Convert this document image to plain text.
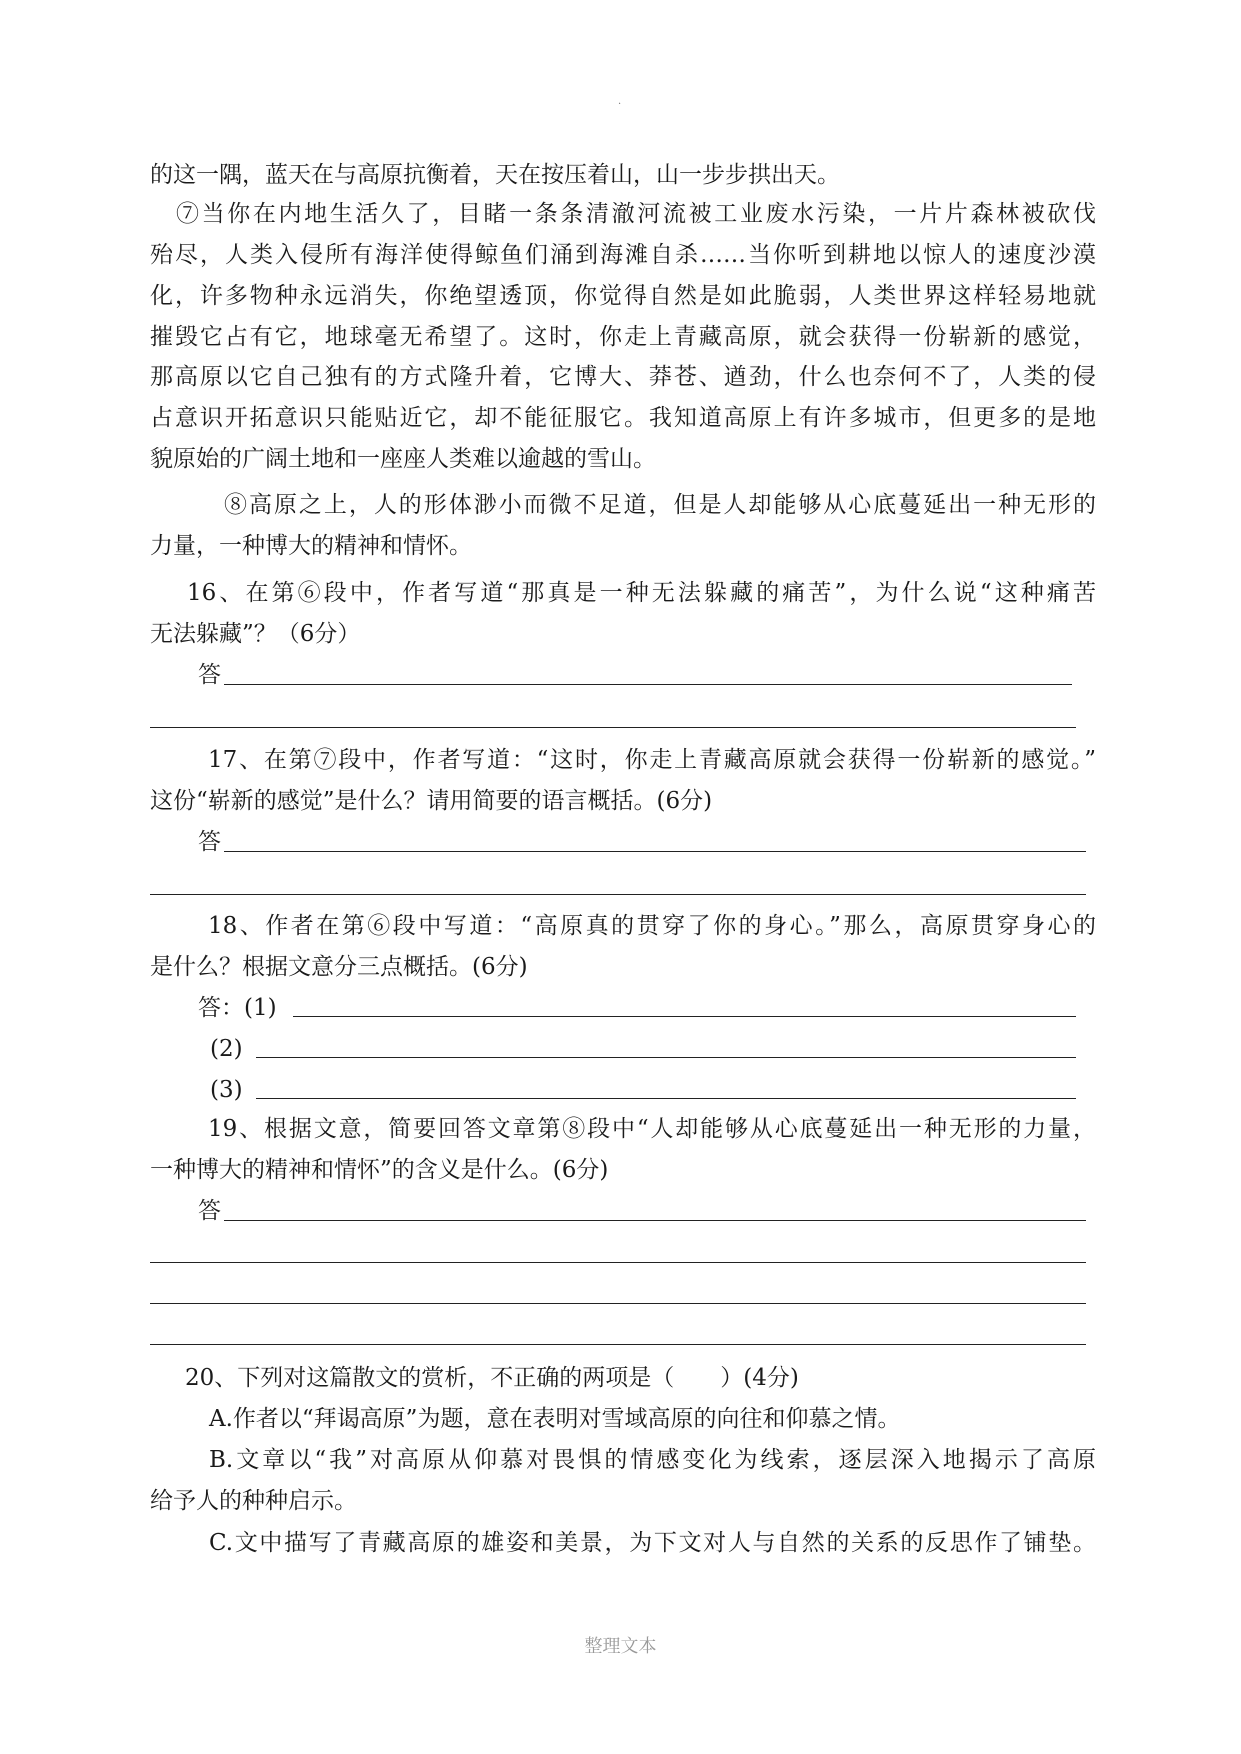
.
的这一隅，蓝天在与高原抗衡着，天在按压着山，山一步步拱出天。
⑦当你在内地生活久了，目睹一条条清澈河流被工业废水污染，一片片森林被砍伐
殆尽，人类入侵所有海洋使得鲸鱼们涌到海滩自杀……当你听到耕地以惊人的速度沙漠
化，许多物种永远消失，你绝望透顶，你觉得自然是如此脆弱，人类世界这样轻易地就
摧毁它占有它，地球毫无希望了。这时，你走上青藏高原，就会获得一份崭新的感觉，
那高原以它自己独有的方式隆升着，它博大、莽苍、遒劲，什么也奈何不了，人类的侵
占意识开拓意识只能贴近它，却不能征服它。我知道高原上有许多城市，但更多的是地
貌原始的广阔土地和一座座人类难以逾越的雪山。
⑧高原之上，人的形体渺小而微不足道，但是人却能够从心底蔓延出一种无形的
力量，一种博大的精神和情怀。
16、在第⑥段中，作者写道“那真是一种无法躲藏的痛苦”，为什么说“这种痛苦
无法躲藏”？（6分）
答
17、在第⑦段中，作者写道：“这时，你走上青藏高原就会获得一份崭新的感觉。”
这份“崭新的感觉”是什么？请用简要的语言概括。(6分)
答
18、作者在第⑥段中写道：“高原真的贯穿了你的身心。”那么，高原贯穿身心的
是什么？根据文意分三点概括。(6分)
答：(1)
(2)
(3)
19、根据文意，简要回答文章第⑧段中“人却能够从心底蔓延出一种无形的力量，
一种博大的精神和情怀”的含义是什么。(6分)
答
20、下列对这篇散文的赏析，不正确的两项是（　　）(4分)
A.作者以“拜谒高原”为题，意在表明对雪域高原的向往和仰慕之情。
B.文章以“我”对高原从仰慕对畏惧的情感变化为线索，逐层深入地揭示了高原
给予人的种种启示。
C.文中描写了青藏高原的雄姿和美景，为下文对人与自然的关系的反思作了铺垫。
整理文本
